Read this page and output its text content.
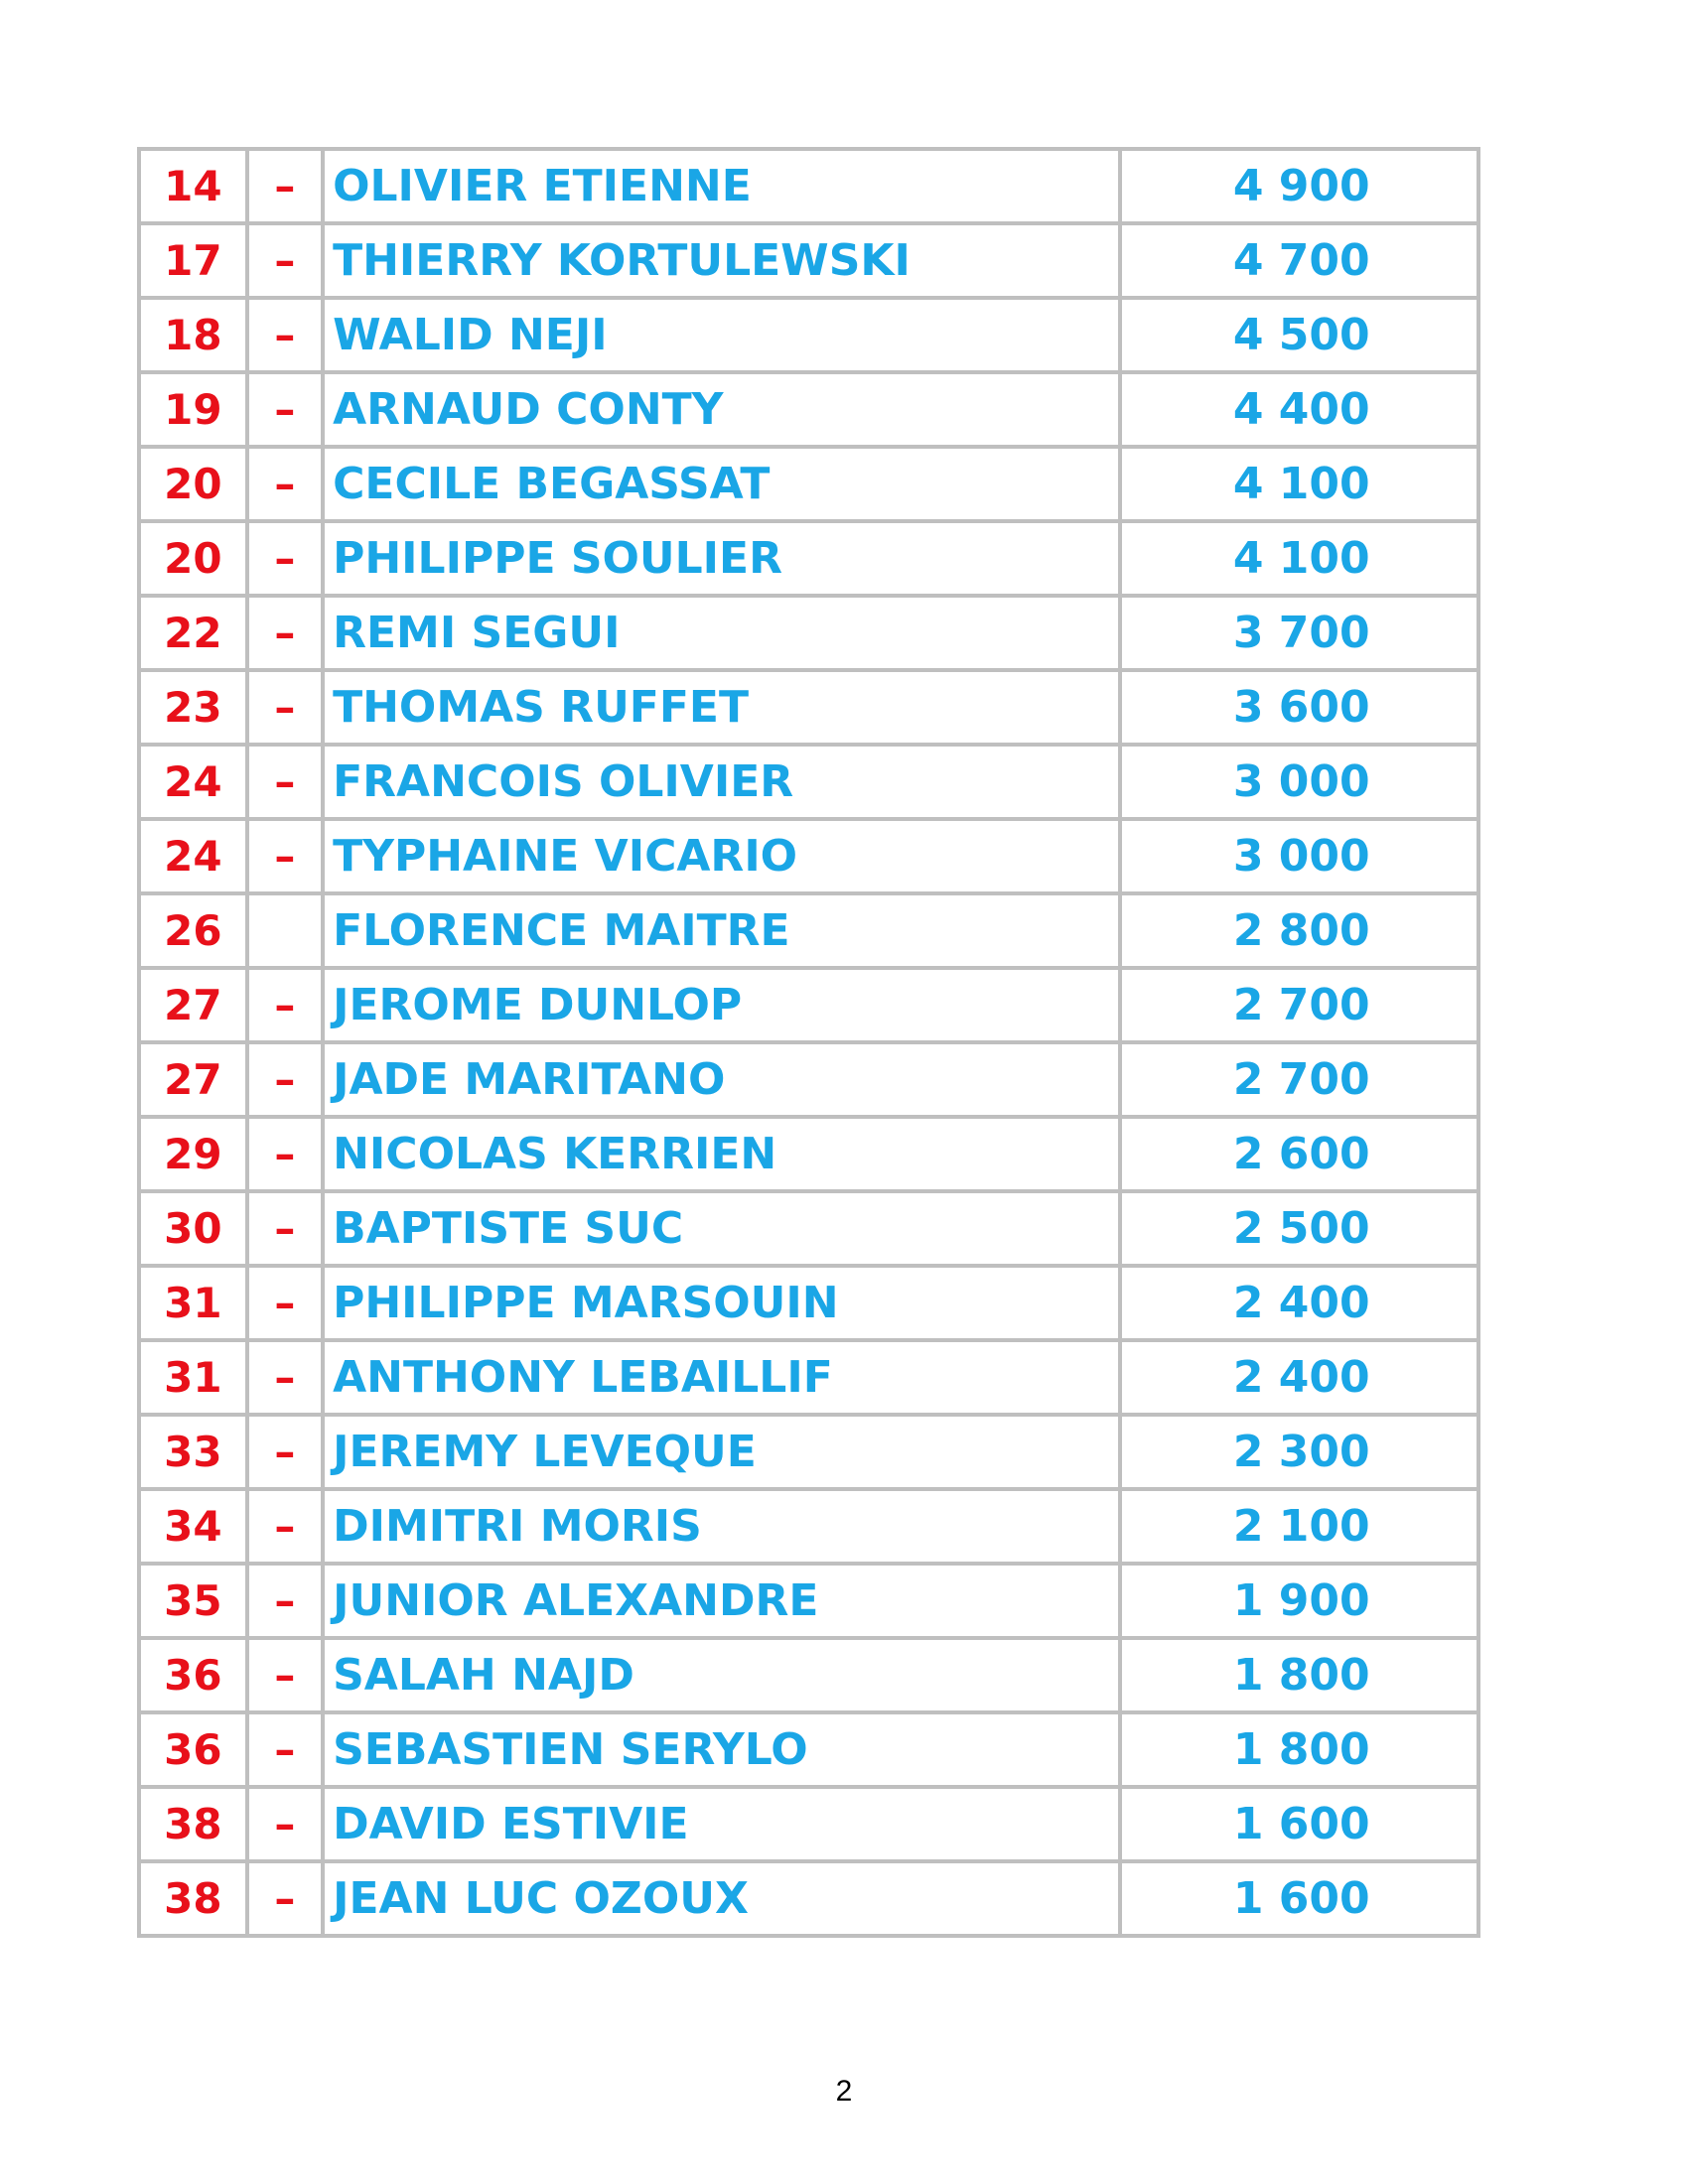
14	–	OLIVIER ETIENNE	4 900
17	–	THIERRY KORTULEWSKI	4 700
18	–	WALID NEJI	4 500
19	–	ARNAUD CONTY	4 400
20	–	CECILE BEGASSAT	4 100
20	–	PHILIPPE SOULIER	4 100
22	–	REMI SEGUI	3 700
23	–	THOMAS RUFFET	3 600
24	–	FRANCOIS OLIVIER	3 000
24	–	TYPHAINE VICARIO	3 000
26		FLORENCE MAITRE	2 800
27	–	JEROME DUNLOP	2 700
27	–	JADE MARITANO	2 700
29	–	NICOLAS KERRIEN	2 600
30	–	BAPTISTE SUC	2 500
31	–	PHILIPPE MARSOUIN	2 400
31	–	ANTHONY LEBAILLIF	2 400
33	–	JEREMY LEVEQUE	2 300
34	–	DIMITRI MORIS	2 100
35	–	JUNIOR ALEXANDRE	1 900
36	–	SALAH NAJD	1 800
36	–	SEBASTIEN SERYLO	1 800
38	–	DAVID ESTIVIE	1 600
38	–	JEAN LUC OZOUX	1 600
2
